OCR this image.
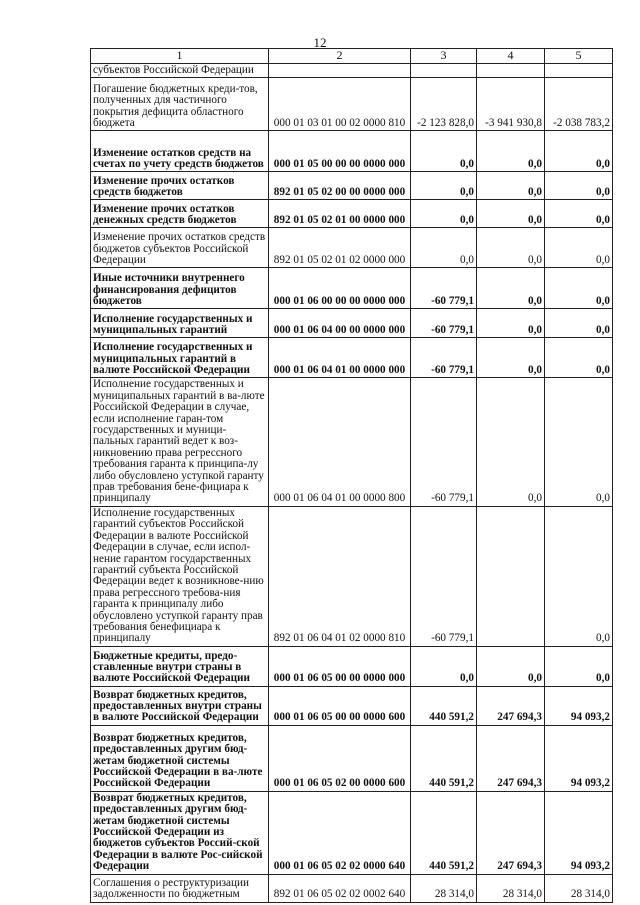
12
1	2	3	4	5
субъектов Российской Федерации				
Погашение бюджетных креди-тов, полученных для частичного покрытия дефицита областного бюджета	000 01 03 01 00 02 0000 810	-2 123 828,0	-3 941 930,8	-2 038 783,2
Изменение остатков средств на счетах по учету средств бюджетов	000 01 05 00 00 00 0000 000	0,0	0,0	0,0
Изменение прочих остатков средств бюджетов	892 01 05 02 00 00 0000 000	0,0	0,0	0,0
Изменение прочих остатков денежных средств бюджетов	892 01 05 02 01 00 0000 000	0,0	0,0	0,0
Изменение прочих остатков средств бюджетов субъектов Российской Федерации	892 01 05 02 01 02 0000 000	0,0	0,0	0,0
Иные источники внутреннего финансирования дефицитов бюджетов	000 01 06 00 00 00 0000 000	-60 779,1	0,0	0,0
Исполнение государственных и муниципальных гарантий	000 01 06 04 00 00 0000 000	-60 779,1	0,0	0,0
Исполнение государственных и муниципальных гарантий в валюте Российской Федерации	000 01 06 04 01 00 0000 000	-60 779,1	0,0	0,0
Исполнение государственных и муниципальных гарантий в ва-люте Российской Федерации в случае, если исполнение гаран-том государственных и муници-пальных гарантий ведет к воз-никновению права регрессного требования гаранта к принципа-лу либо обусловлено уступкой гаранту прав требования бене-фициара к принципалу	000 01 06 04 01 00 0000 800	-60 779,1	0,0	0,0
Исполнение государственных гарантий субъектов Российской Федерации в валюте Российской Федерации в случае, если испол-нение гарантом государственных гарантий субъекта Российской Федерации ведет к возникнове-нию права регрессного требова-ния гаранта к принципалу либо обусловлено уступкой гаранту прав требования бенефициара к принципалу	892 01 06 04 01 02 0000 810	-60 779,1		0,0
Бюджетные кредиты, предо-ставленные внутри страны в валюте Российской Федерации	000 01 06 05 00 00 0000 000	0,0	0,0	0,0
Возврат бюджетных кредитов, предоставленных внутри страны в валюте Российской Федерации	000 01 06 05 00 00 0000 600	440 591,2	247 694,3	94 093,2
Возврат бюджетных кредитов, предоставленных другим бюд-жетам бюджетной системы Российской Федерации в ва-люте Российской Федерации	000 01 06 05 02 00 0000 600	440 591,2	247 694,3	94 093,2
Возврат бюджетных кредитов, предоставленных другим бюд-жетам бюджетной системы Российской Федерации из бюджетов субъектов Россий-ской Федерации в валюте Рос-сийской Федерации	000 01 06 05 02 02 0000 640	440 591,2	247 694,3	94 093,2
Соглашения о реструктуризации задолженности по бюджетным	892 01 06 05 02 02 0002 640	28 314,0	28 314,0	28 314,0
